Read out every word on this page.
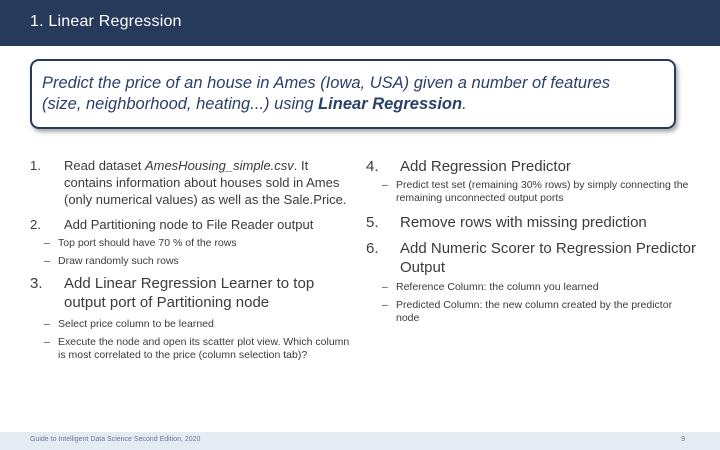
1. Linear Regression
Predict the price of an house in Ames (Iowa, USA) given a number of features
(size, neighborhood, heating...) using Linear Regression.
1. Read dataset AmesHousing_simple.csv. It contains information about houses sold in Ames (only numerical values) as well as the Sale.Price.
2. Add Partitioning node to File Reader output
– Top port should have 70 % of the rows
– Draw randomly such rows
3. Add Linear Regression Learner to top output port of Partitioning node
– Select price column to be learned
– Execute the node and open its scatter plot view. Which column is most correlated to the price (column selection tab)?
4. Add Regression Predictor
– Predict test set (remaining 30% rows) by simply connecting the remaining unconnected output ports
5. Remove rows with missing prediction
6. Add Numeric Scorer to Regression Predictor Output
– Reference Column: the column you learned
– Predicted Column: the new column created by the predictor node
Guide to Intelligent Data Science Second Edition, 2020	9
